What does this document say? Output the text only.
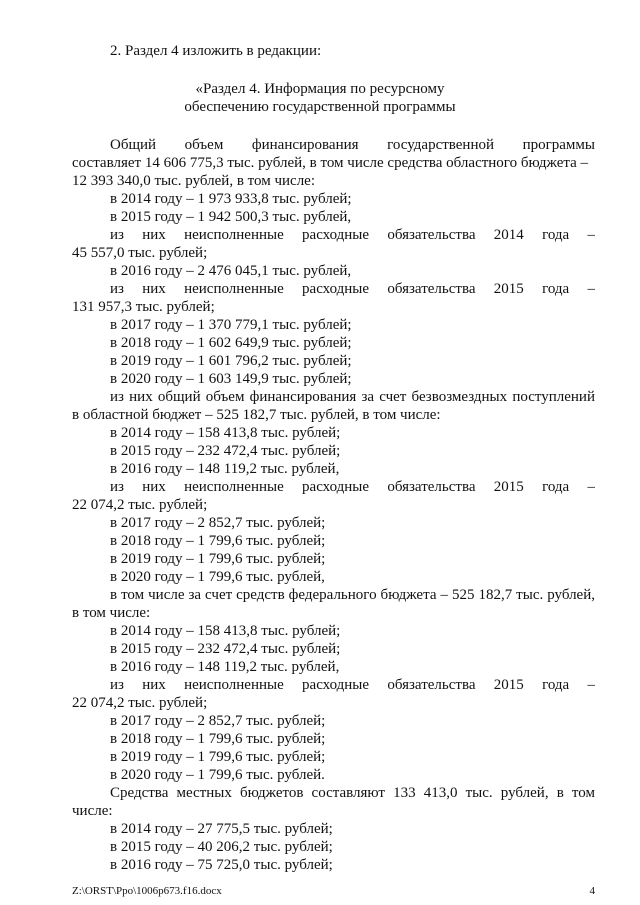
2. Раздел 4 изложить в редакции:
«Раздел 4. Информация по ресурсному
обеспечению государственной программы
Общий объем финансирования государственной программы
составляет 14 606 775,3 тыс. рублей, в том числе средства областного бюджета –
12 393 340,0 тыс. рублей, в том числе:
в 2014 году – 1 973 933,8 тыс. рублей;
в 2015 году – 1 942 500,3 тыс. рублей,
из них неисполненные расходные обязательства 2014 года –
45 557,0 тыс. рублей;
в 2016 году – 2 476 045,1 тыс. рублей,
из них неисполненные расходные обязательства 2015 года –
131 957,3 тыс. рублей;
в 2017 году – 1 370 779,1 тыс. рублей;
в 2018 году – 1 602 649,9 тыс. рублей;
в 2019 году – 1 601 796,2 тыс. рублей;
в 2020 году – 1 603 149,9 тыс. рублей;
из них общий объем финансирования за счет безвозмездных поступлений
в областной бюджет – 525 182,7 тыс. рублей, в том числе:
в 2014 году – 158 413,8 тыс. рублей;
в 2015 году – 232 472,4 тыс. рублей;
в 2016 году – 148 119,2 тыс. рублей,
из них неисполненные расходные обязательства 2015 года –
22 074,2 тыс. рублей;
в 2017 году – 2 852,7 тыс. рублей;
в 2018 году – 1 799,6 тыс. рублей;
в 2019 году – 1 799,6 тыс. рублей;
в 2020 году – 1 799,6 тыс. рублей,
в том числе за счет средств федерального бюджета – 525 182,7 тыс. рублей,
в том числе:
в 2014 году – 158 413,8 тыс. рублей;
в 2015 году – 232 472,4 тыс. рублей;
в 2016 году – 148 119,2 тыс. рублей,
из них неисполненные расходные обязательства 2015 года –
22 074,2 тыс. рублей;
в 2017 году – 2 852,7 тыс. рублей;
в 2018 году – 1 799,6 тыс. рублей;
в 2019 году – 1 799,6 тыс. рублей;
в 2020 году – 1 799,6 тыс. рублей.
Средства местных бюджетов составляют 133 413,0 тыс. рублей, в том
числе:
в 2014 году – 27 775,5 тыс. рублей;
в 2015 году – 40 206,2 тыс. рублей;
в 2016 году – 75 725,0 тыс. рублей;
Z:\ORST\Ppo\1006p673.f16.docx	4
